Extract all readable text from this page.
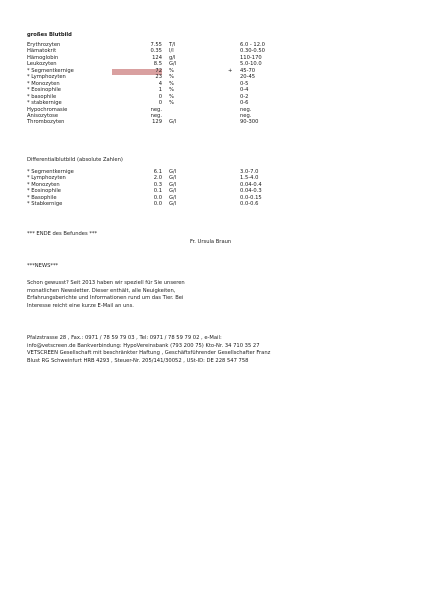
großes Blutbild
Erythrozyten	7.55 T/l	6.0 - 12.0
Hämatokrit	0.35 l/l	0.30-0.50
Hämoglobin	124 g/l	110-170
Leukozyten	8.5 G/l	5.0-10.0
* Segmentkernige	72 %	+ 45-70
* Lymphozyten	23 %	20-45
* Monozyten	4 %	0-5
* Eosinophile	1 %	0-4
* basophile	0 %	0-2
* stabkernige	0 %	0-6
Hypochromasie	neg.	neg.
Anisozytose	neg.	neg.
Thrombozyten	129 G/l	90-300
Differentialblutbild (absolute Zahlen)
* Segmentkernige	6.1 G/l	3.0-7.0
* Lymphozyten	2.0 G/l	1.5-4.0
* Monozyten	0.3 G/l	0.04-0.4
* Eosinophile	0.1 G/l	0.04-0.3
* Basophile	0.0 G/l	0.0-0.15
* Stabkernige	0.0 G/l	0.0-0.6
*** ENDE des Befundes ***
Fr. Ursula Braun
***NEWS***
Schon gewusst? Seit 2013 haben wir speziell für Sie unseren
monatlichen Newsletter. Dieser enthält, alle Neuigkeiten,
Erfahrungsberichte und Informationen rund um das Tier. Bei
Interesse reicht eine kurze E-Mail an uns.
Pfalzstrasse 28 , Fax.: 0971 / 78 59 79 03 , Tel: 0971 / 78 59 79 02 , e-Mail:
info@vetscreen.de Bankverbindung: HypoVereinsbank (793 200 75) Kto-Nr. 34 710 35 27
VETSCREEN Gesellschaft mit beschränkter Haftung , Geschäftsführender Gesellschafter Franz
Blust RG Schweinfurt HRB 4293 , Steuer-Nr. 205/141/30052 , USt-ID: DE 228 547 758
